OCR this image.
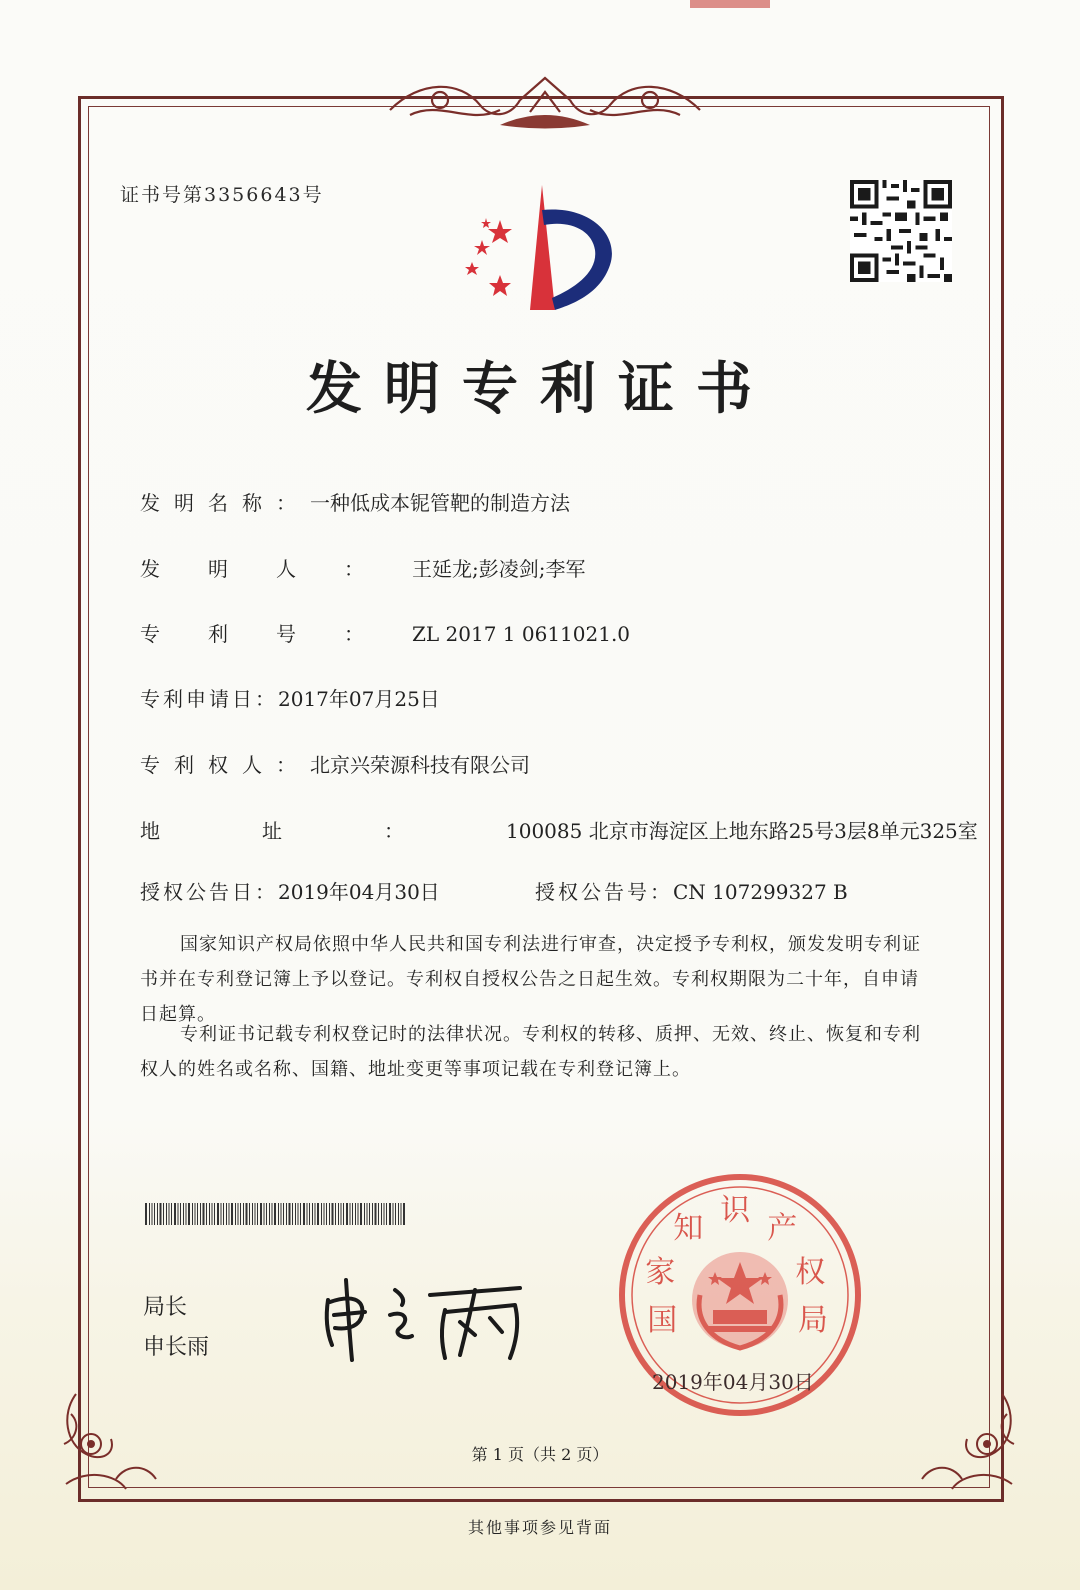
证书号第3356643号
发明专利证书
发明名称：一种低成本铌管靶的制造方法
发明人：王延龙;彭凌剑;李军
专利号：ZL 2017 1 0611021.0
专利申请日：2017年07月25日
专利权人：北京兴荣源科技有限公司
地址：100085 北京市海淀区上地东路25号3层8单元325室
授权公告日：2019年04月30日	授权公告号：CN 107299327 B
国家知识产权局依照中华人民共和国专利法进行审查，决定授予专利权，颁发发明专利证书并在专利登记簿上予以登记。专利权自授权公告之日起生效。专利权期限为二十年，自申请日起算。
专利证书记载专利权登记时的法律状况。专利权的转移、质押、无效、终止、恢复和专利权人的姓名或名称、国籍、地址变更等事项记载在专利登记簿上。
局长
申长雨
国 家 知 识 产 权 局
2019年04月30日
第 1 页（共 2 页）
其他事项参见背面
